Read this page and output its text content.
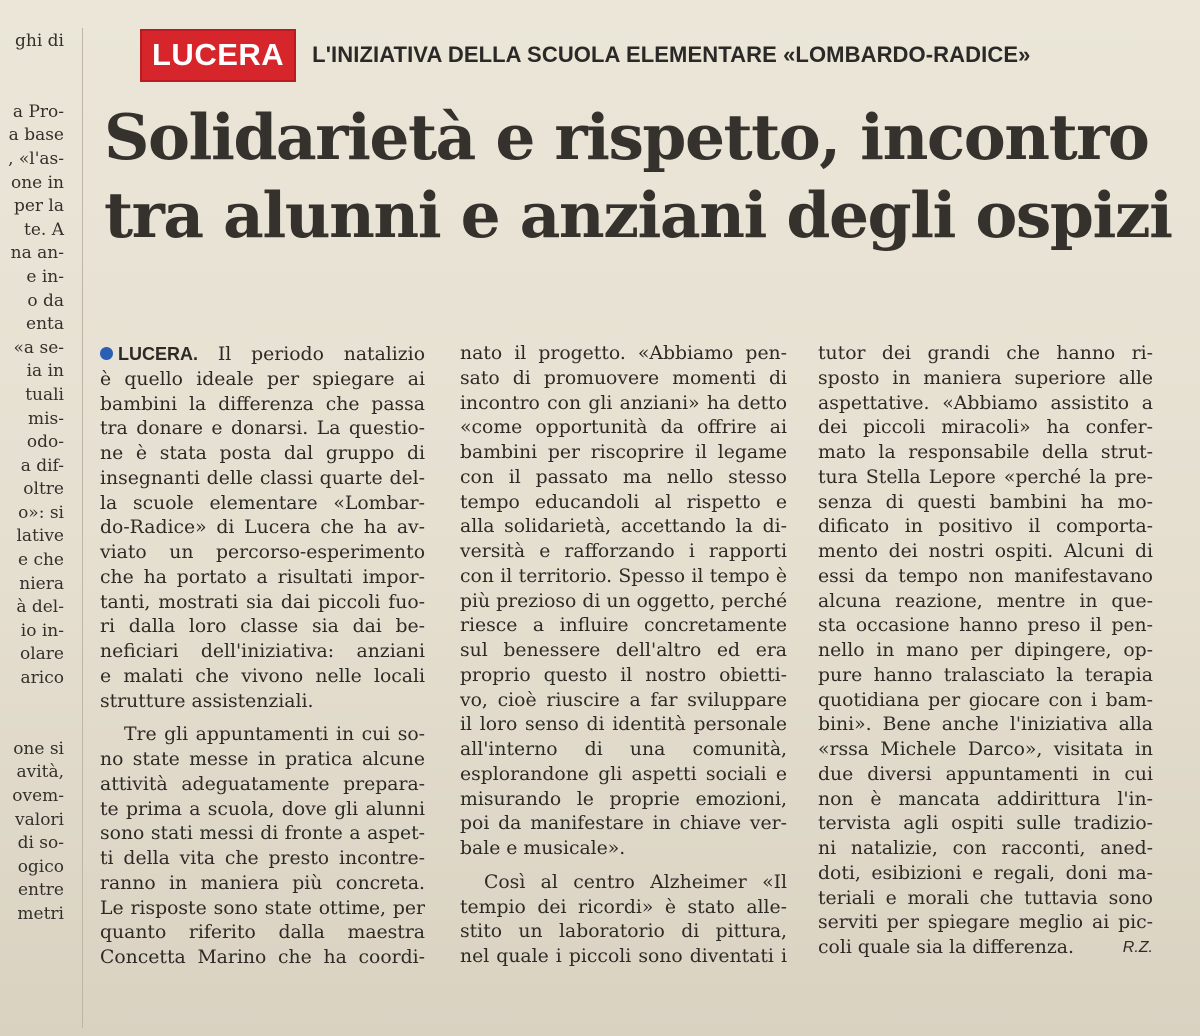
ghi di

a Pro-
a base
, «l'as-
one in
per la
te. A
na an-
e in-
o da
enta
«a se-
ia in
tuali
mis-
odo-
a dif-
oltre
o»: si
lative
e che
niera
à del-
io in-
olare
arico

one si
avità,
ovem-
valori
di so-
ogico
entre
metri
LUCERA	L'INIZIATIVA DELLA SCUOLA ELEMENTARE «LOMBARDO-RADICE»
Solidarietà e rispetto, incontro
tra alunni e anziani degli ospizi
LUCERA. Il periodo natalizio
è quello ideale per spiegare ai
bambini la differenza che passa
tra donare e donarsi. La questio-
ne è stata posta dal gruppo di
insegnanti delle classi quarte del-
la scuole elementare «Lombar-
do-Radice» di Lucera che ha av-
viato un percorso-esperimento
che ha portato a risultati impor-
tanti, mostrati sia dai piccoli fuo-
ri dalla loro classe sia dai be-
neficiari dell'iniziativa: anziani
e malati che vivono nelle locali
strutture assistenziali.
Tre gli appuntamenti in cui so-
no state messe in pratica alcune
attività adeguatamente prepara-
te prima a scuola, dove gli alunni
sono stati messi di fronte a aspet-
ti della vita che presto incontre-
ranno in maniera più concreta.
Le risposte sono state ottime, per
quanto riferito dalla maestra
Concetta Marino che ha coordi-
nato il progetto. «Abbiamo pen-
sato di promuovere momenti di
incontro con gli anziani» ha detto
«come opportunità da offrire ai
bambini per riscoprire il legame
con il passato ma nello stesso
tempo educandoli al rispetto e
alla solidarietà, accettando la di-
versità e rafforzando i rapporti
con il territorio. Spesso il tempo è
più prezioso di un oggetto, perché
riesce a influire concretamente
sul benessere dell'altro ed era
proprio questo il nostro obietti-
vo, cioè riuscire a far sviluppare
il loro senso di identità personale
all'interno di una comunità,
esplorandone gli aspetti sociali e
misurando le proprie emozioni,
poi da manifestare in chiave ver-
bale e musicale».
Così al centro Alzheimer «Il
tempio dei ricordi» è stato alle-
stito un laboratorio di pittura,
nel quale i piccoli sono diventati i
tutor dei grandi che hanno ri-
sposto in maniera superiore alle
aspettative. «Abbiamo assistito a
dei piccoli miracoli» ha confer-
mato la responsabile della strut-
tura Stella Lepore «perché la pre-
senza di questi bambini ha mo-
dificato in positivo il comporta-
mento dei nostri ospiti. Alcuni di
essi da tempo non manifestavano
alcuna reazione, mentre in que-
sta occasione hanno preso il pen-
nello in mano per dipingere, op-
pure hanno tralasciato la terapia
quotidiana per giocare con i bam-
bini». Bene anche l'iniziativa alla
«rssa Michele Darco», visitata in
due diversi appuntamenti in cui
non è mancata addirittura l'in-
tervista agli ospiti sulle tradizio-
ni natalizie, con racconti, aned-
doti, esibizioni e regali, doni ma-
teriali e morali che tuttavia sono
serviti per spiegare meglio ai pic-
coli quale sia la differenza.	R.Z.
